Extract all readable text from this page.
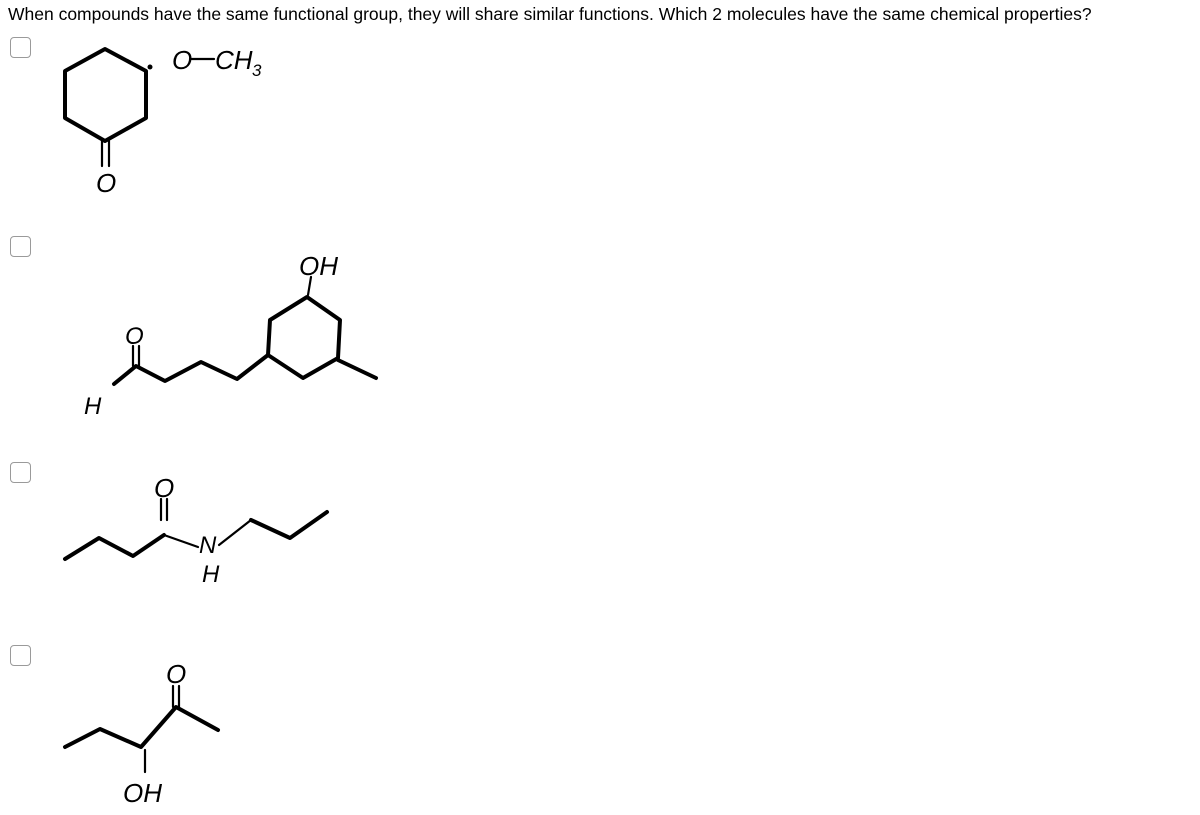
When compounds have the same functional group, they will share similar functions. Which 2 molecules have the same chemical properties?
O CH 3
O
OH
O
H
O
N
H
O
OH
